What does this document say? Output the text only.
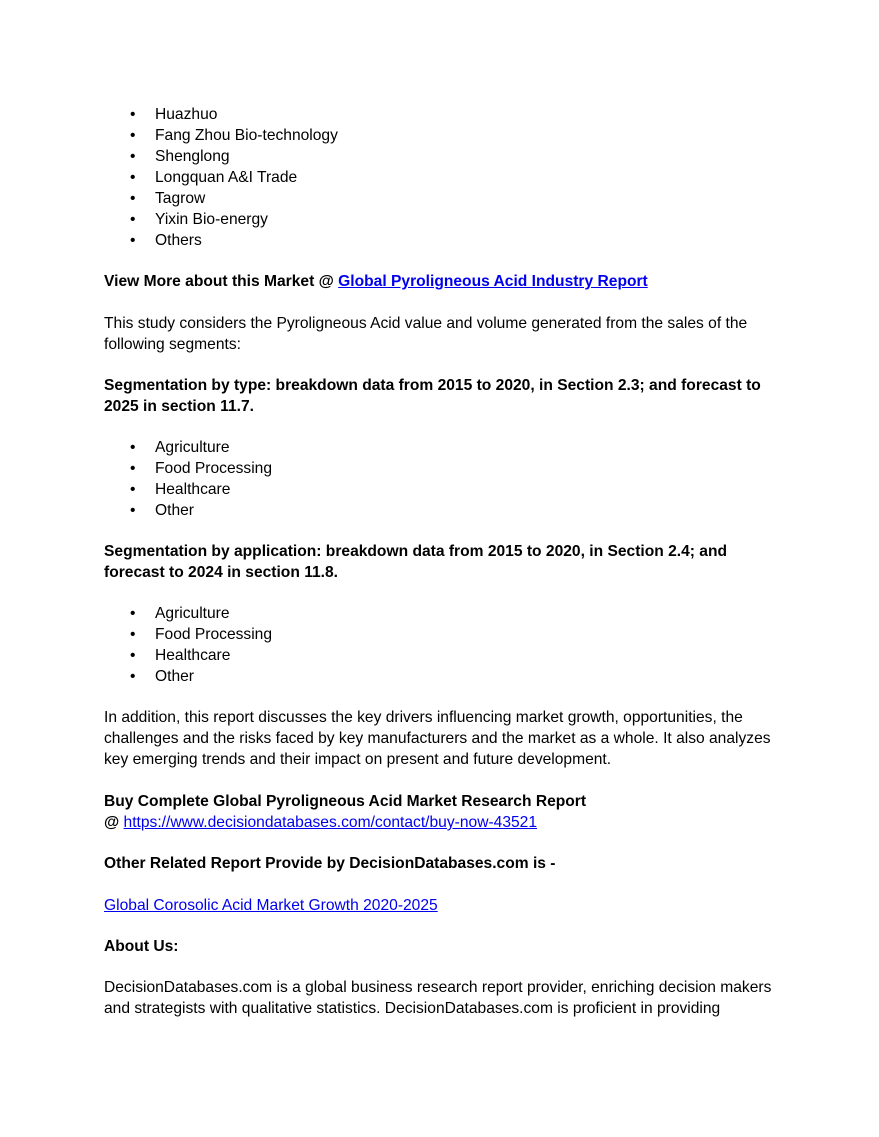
• Huazhuo
• Fang Zhou Bio-technology
• Shenglong
• Longquan A&I Trade
• Tagrow
• Yixin Bio-energy
• Others
View More about this Market @ Global Pyroligneous Acid Industry Report
This study considers the Pyroligneous Acid value and volume generated from the sales of the following segments:
Segmentation by type: breakdown data from 2015 to 2020, in Section 2.3; and forecast to 2025 in section 11.7.
• Agriculture
• Food Processing
• Healthcare
• Other
Segmentation by application: breakdown data from 2015 to 2020, in Section 2.4; and forecast to 2024 in section 11.8.
• Agriculture
• Food Processing
• Healthcare
• Other
In addition, this report discusses the key drivers influencing market growth, opportunities, the challenges and the risks faced by key manufacturers and the market as a whole. It also analyzes key emerging trends and their impact on present and future development.
Buy Complete Global Pyroligneous Acid Market Research Report
@ https://www.decisiondatabases.com/contact/buy-now-43521
Other Related Report Provide by DecisionDatabases.com is -
Global Corosolic Acid Market Growth 2020-2025
About Us:
DecisionDatabases.com is a global business research report provider, enriching decision makers and strategists with qualitative statistics. DecisionDatabases.com is proficient in providing
